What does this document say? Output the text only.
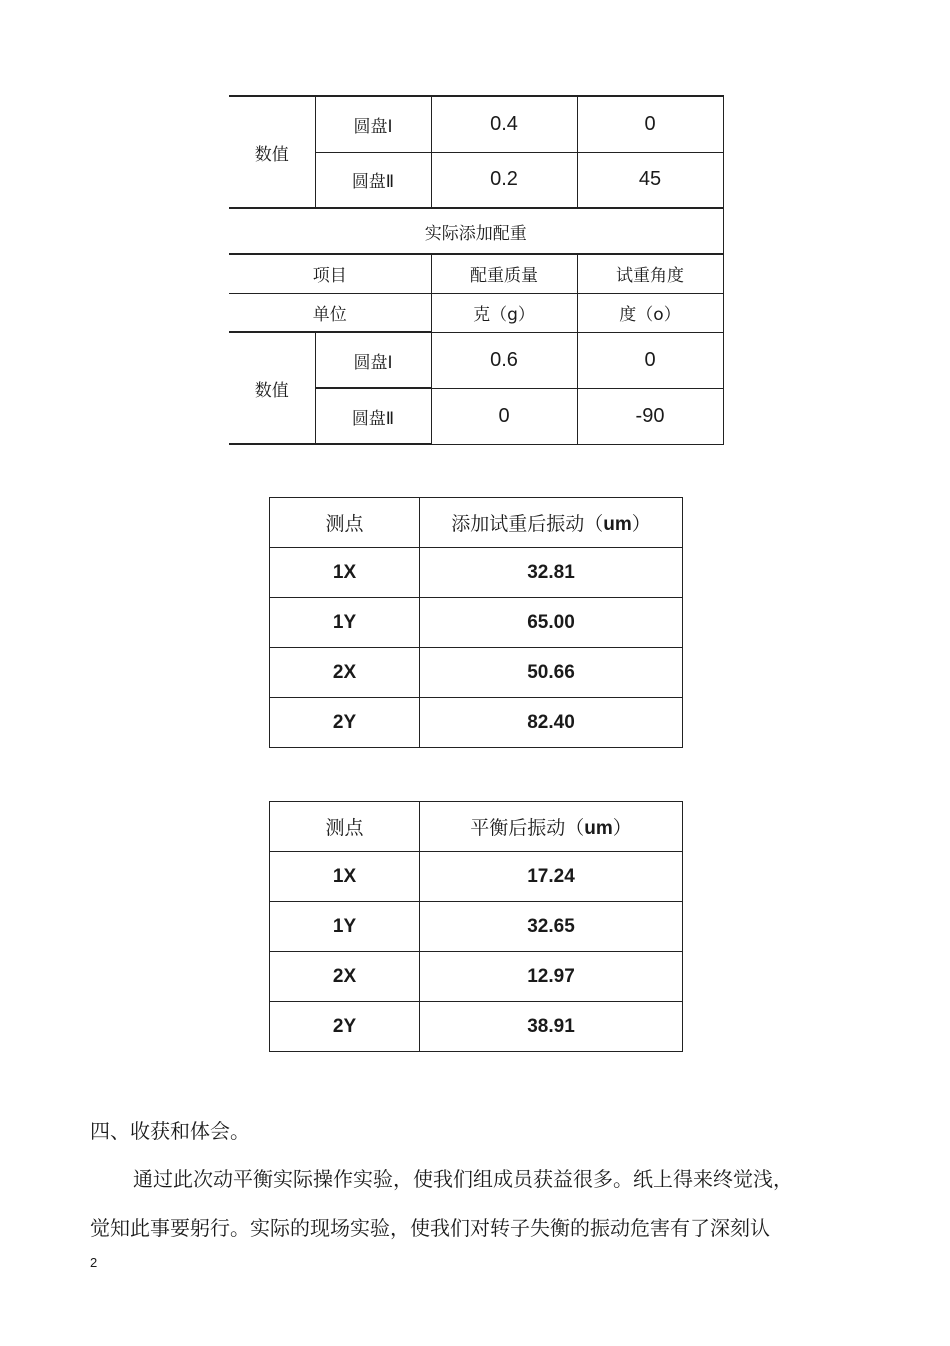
数值	圆盘Ⅰ	0.4	0
	圆盘Ⅱ	0.2	45
实际添加配重			
项目		配重质量	试重角度
单位		克（g）	度（o）
数值	圆盘Ⅰ	0.6	0
	圆盘Ⅱ	0	-90
测点	添加试重后振动（um）
1X	32.81
1Y	65.00
2X	50.66
2Y	82.40
测点	平衡后振动（um）
1X	17.24
1Y	32.65
2X	12.97
2Y	38.91
四、收获和体会。
通过此次动平衡实际操作实验，使我们组成员获益很多。纸上得来终觉浅，
觉知此事要躬行。实际的现场实验，使我们对转子失衡的振动危害有了深刻认
2
